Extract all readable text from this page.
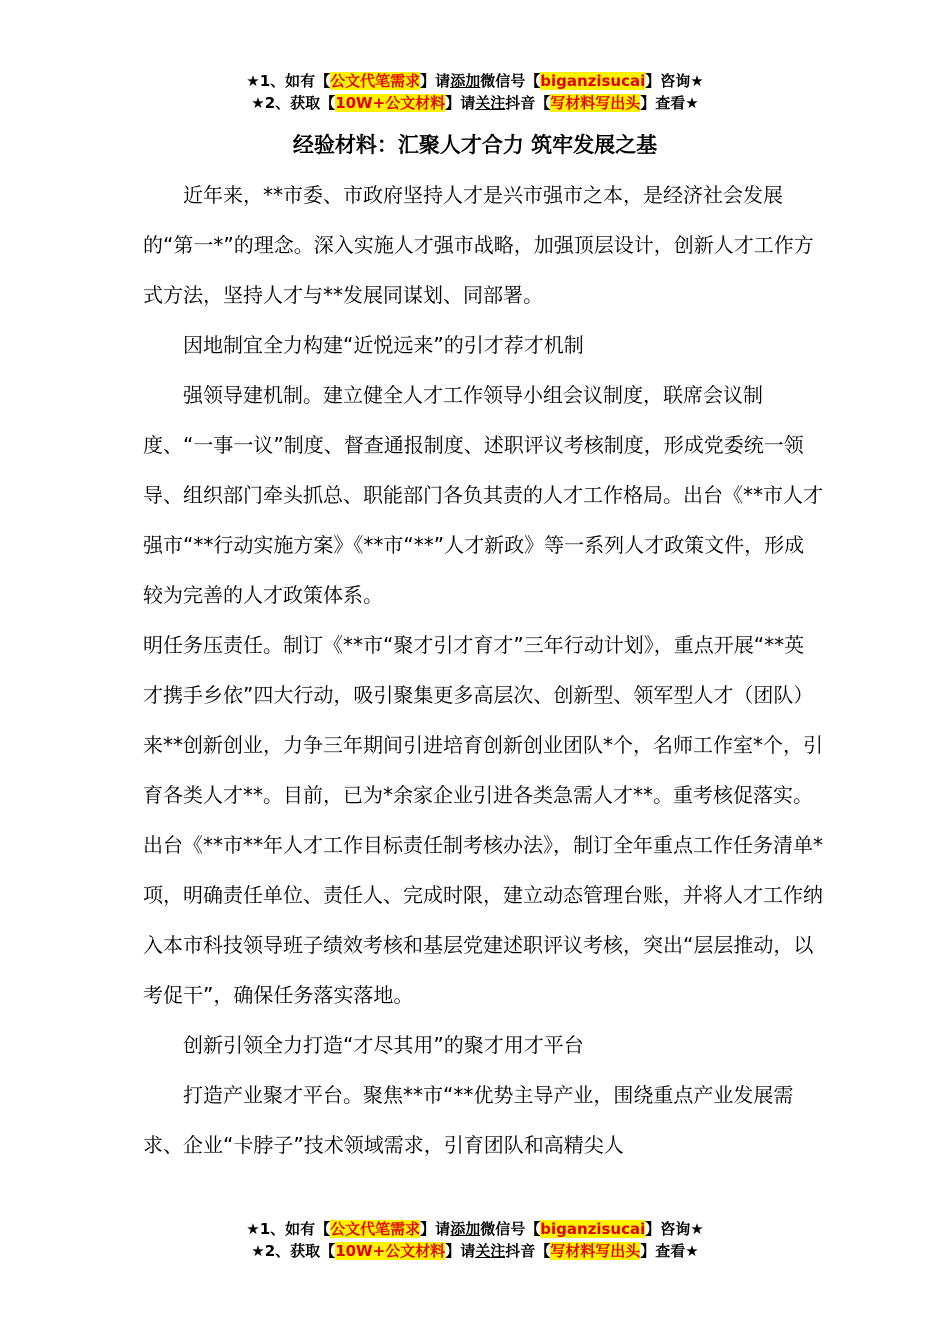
★1、如有【公文代笔需求】请添加微信号【biganzisucai】咨询★
★2、获取【10W+公文材料】请关注抖音【写材料写出头】查看★
经验材料：汇聚人才合力 筑牢发展之基

近年来，**市委、市政府坚持人才是兴市强市之本，是经济社会发展的“第一*”的理念。深入实施人才强市战略，加强顶层设计，创新人才工作方式方法，坚持人才与**发展同谋划、同部署。

因地制宜全力构建“近悦远来”的引才荐才机制

强领导建机制。建立健全人才工作领导小组会议制度，联席会议制度、“一事一议”制度、督查通报制度、述职评议考核制度，形成党委统一领导、组织部门牵头抓总、职能部门各负其责的人才工作格局。出台《**市人才强市“**行动实施方案》《**市“**”人才新政》等一系列人才政策文件，形成较为完善的人才政策体系。

明任务压责任。制订《**市“聚才引才育才”三年行动计划》，重点开展“**英才携手乡依”四大行动，吸引聚集更多高层次、创新型、领军型人才（团队）来**创新创业，力争三年期间引进培育创新创业团队*个，名师工作室*个，引育各类人才**。目前，已为*余家企业引进各类急需人才**。重考核促落实。出台《**市**年人才工作目标责任制考核办法》，制订全年重点工作任务清单*项，明确责任单位、责任人、完成时限，建立动态管理台账，并将人才工作纳入本市科技领导班子绩效考核和基层党建述职评议考核，突出“层层推动，以考促干”，确保任务落实落地。

创新引领全力打造“才尽其用”的聚才用才平台

打造产业聚才平台。聚焦**市“**优势主导产业，围绕重点产业发展需求、企业“卡脖子”技术领域需求，引育团队和高精尖人

★1、如有【公文代笔需求】请添加微信号【biganzisucai】咨询★
★2、获取【10W+公文材料】请关注抖音【写材料写出头】查看★
